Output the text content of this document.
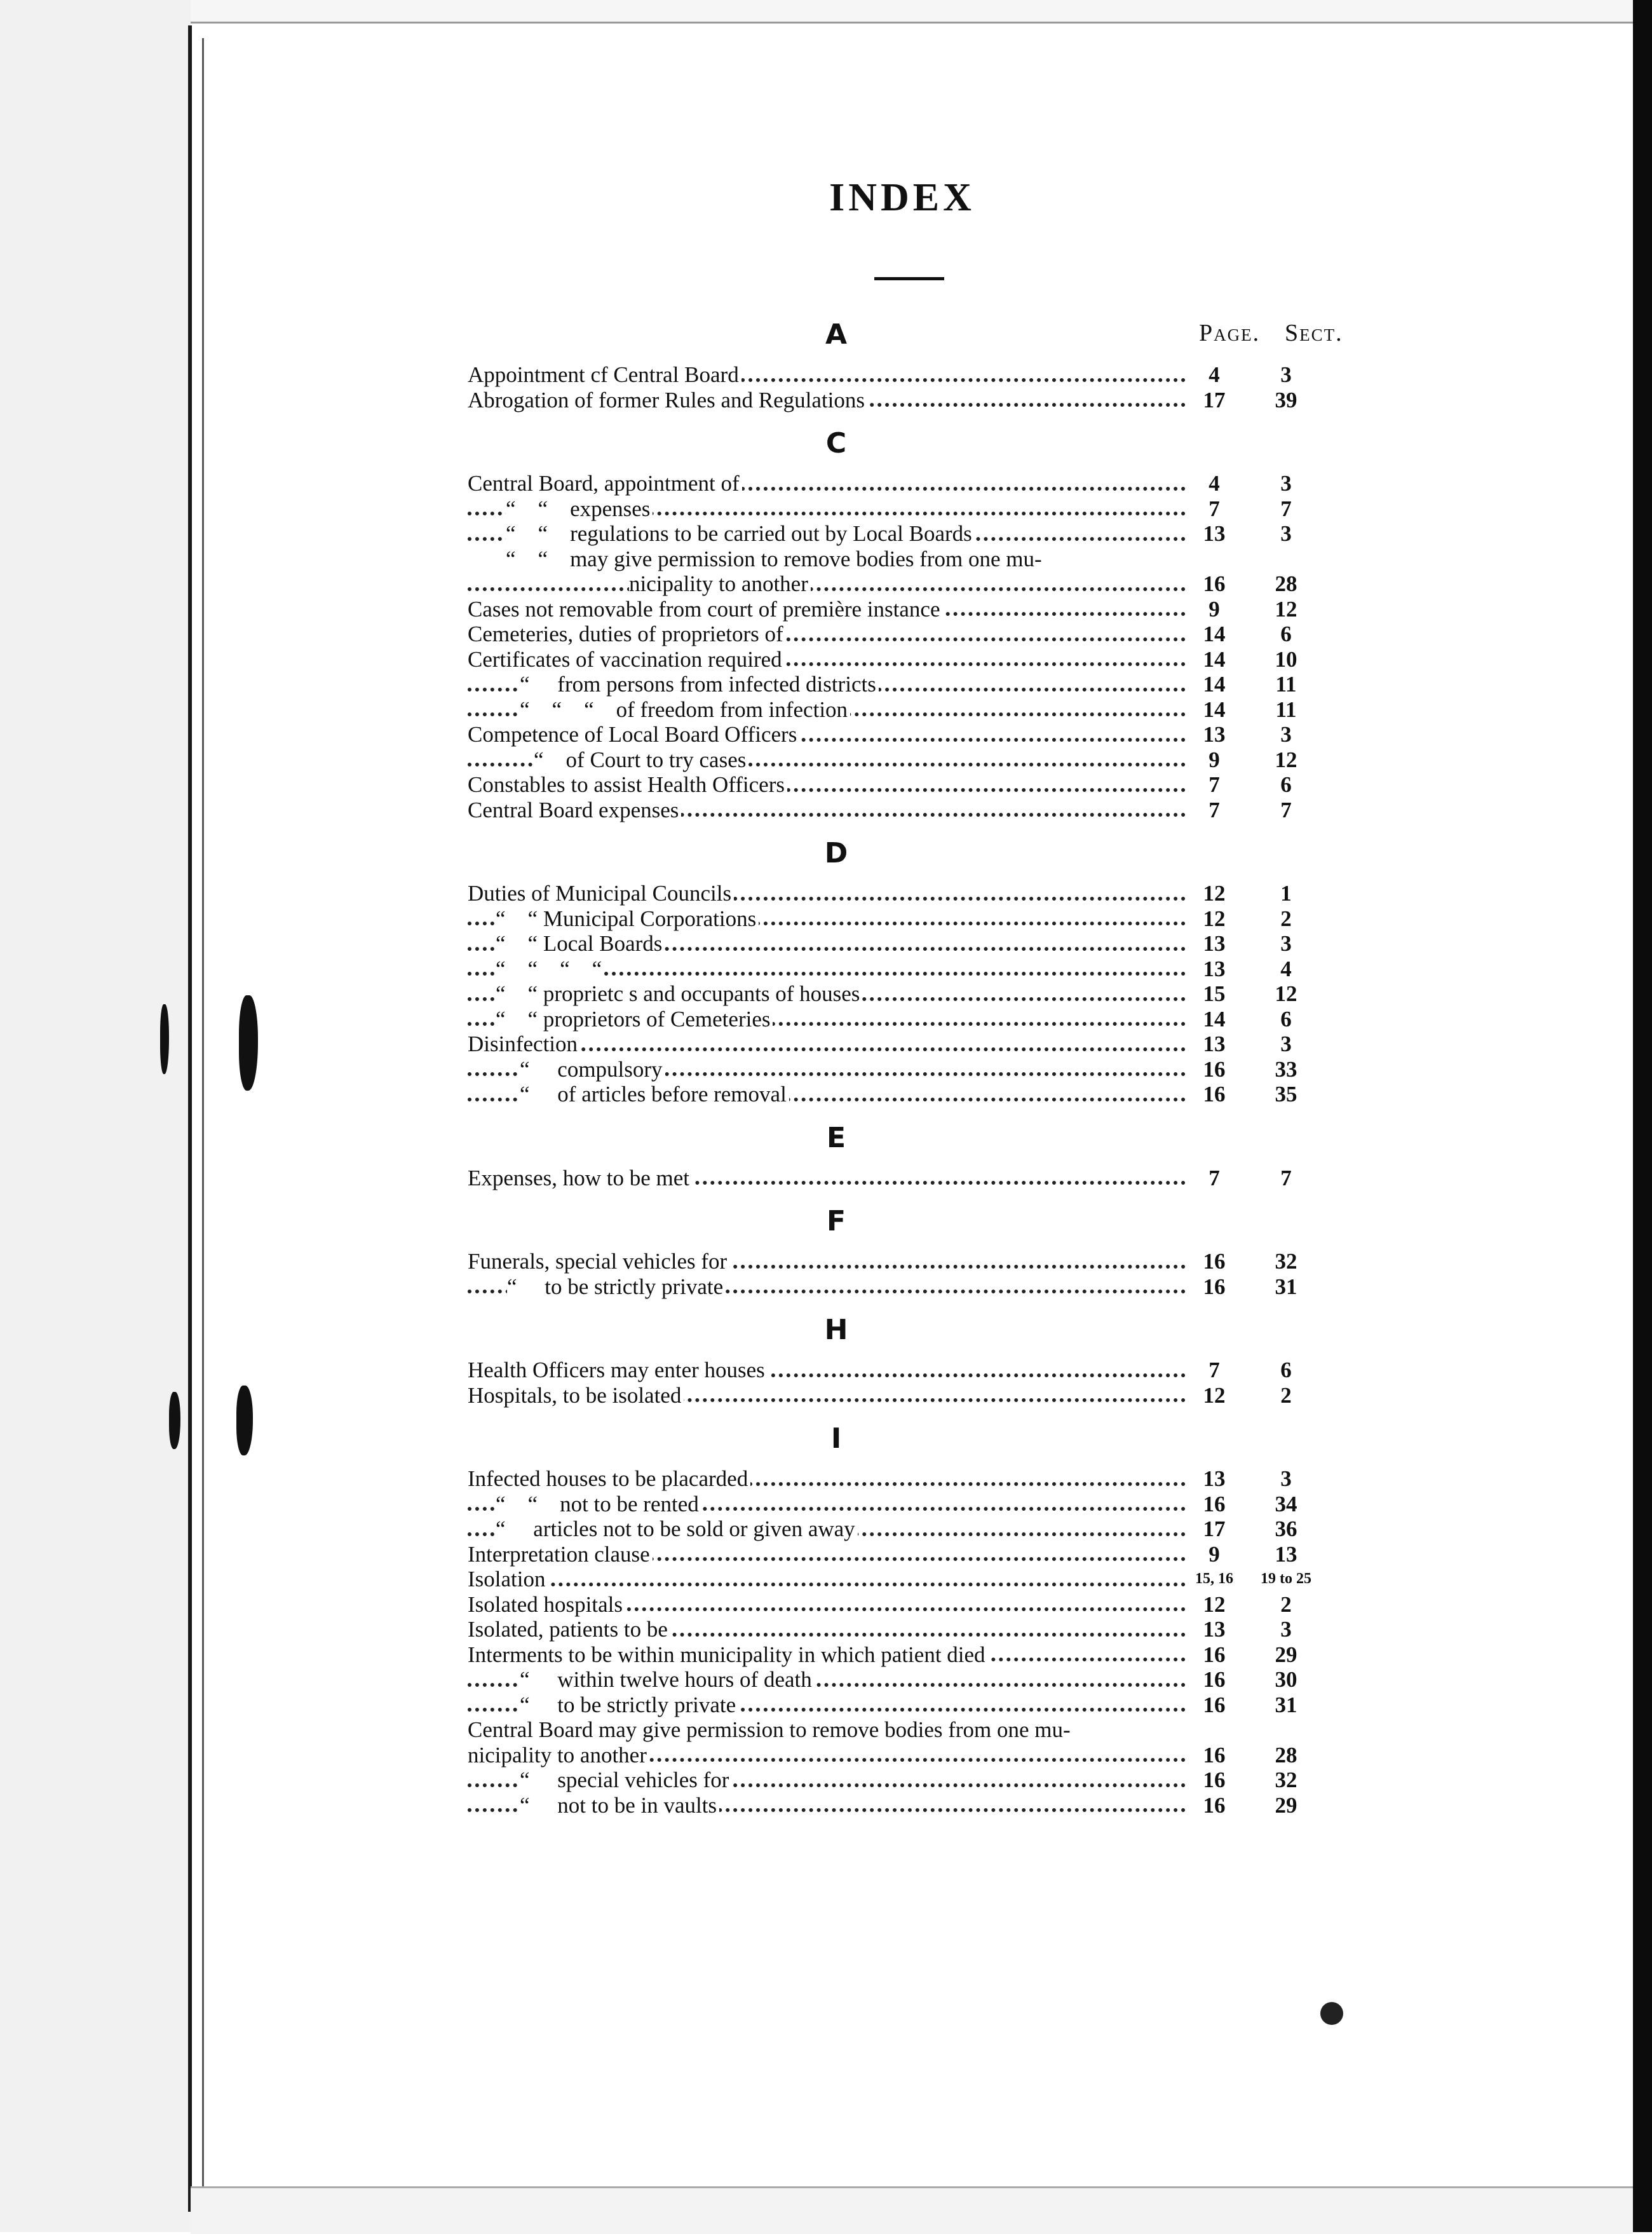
INDEX
Page. Sect.
A
Appointment cf Central Board	4	3
Abrogation of former Rules and Regulations	17	39
C
Central Board, appointment of	4	3
“    “    expenses	7	7
“    “    regulations to be carried out by Local Boards	13	3
“    “    may give permission to remove bodies from one mu-
nicipality to another	16	28
Cases not removable from court of première instance	9	12
Cemeteries, duties of proprietors of	14	6
Certificates of vaccination required	14	10
“     from persons from infected districts	14	11
“    “    “    of freedom from infection	14	11
Competence of Local Board Officers	13	3
“    of Court to try cases	9	12
Constables to assist Health Officers	7	6
Central Board expenses	7	7
D
Duties of Municipal Councils	12	1
“    “ Municipal Corporations	12	2
“    “ Local Boards	13	3
“    “    “    “	13	4
“    “ proprietc s and occupants of houses	15	12
“    “ proprietors of Cemeteries	14	6
Disinfection	13	3
“     compulsory	16	33
“     of articles before removal	16	35
E
Expenses, how to be met	7	7
F
Funerals, special vehicles for	16	32
“     to be strictly private	16	31
H
Health Officers may enter houses	7	6
Hospitals, to be isolated	12	2
I
Infected houses to be placarded	13	3
“    “    not to be rented	16	34
“     articles not to be sold or given away	17	36
Interpretation clause	9	13
Isolation	15, 16	19 to 25
Isolated hospitals	12	2
Isolated, patients to be	13	3
Interments to be within municipality in which patient died	16	29
“     within twelve hours of death	16	30
“     to be strictly private	16	31
Central Board may give permission to remove bodies from one mu-
nicipality to another	16	28
“     special vehicles for	16	32
“     not to be in vaults	16	29
